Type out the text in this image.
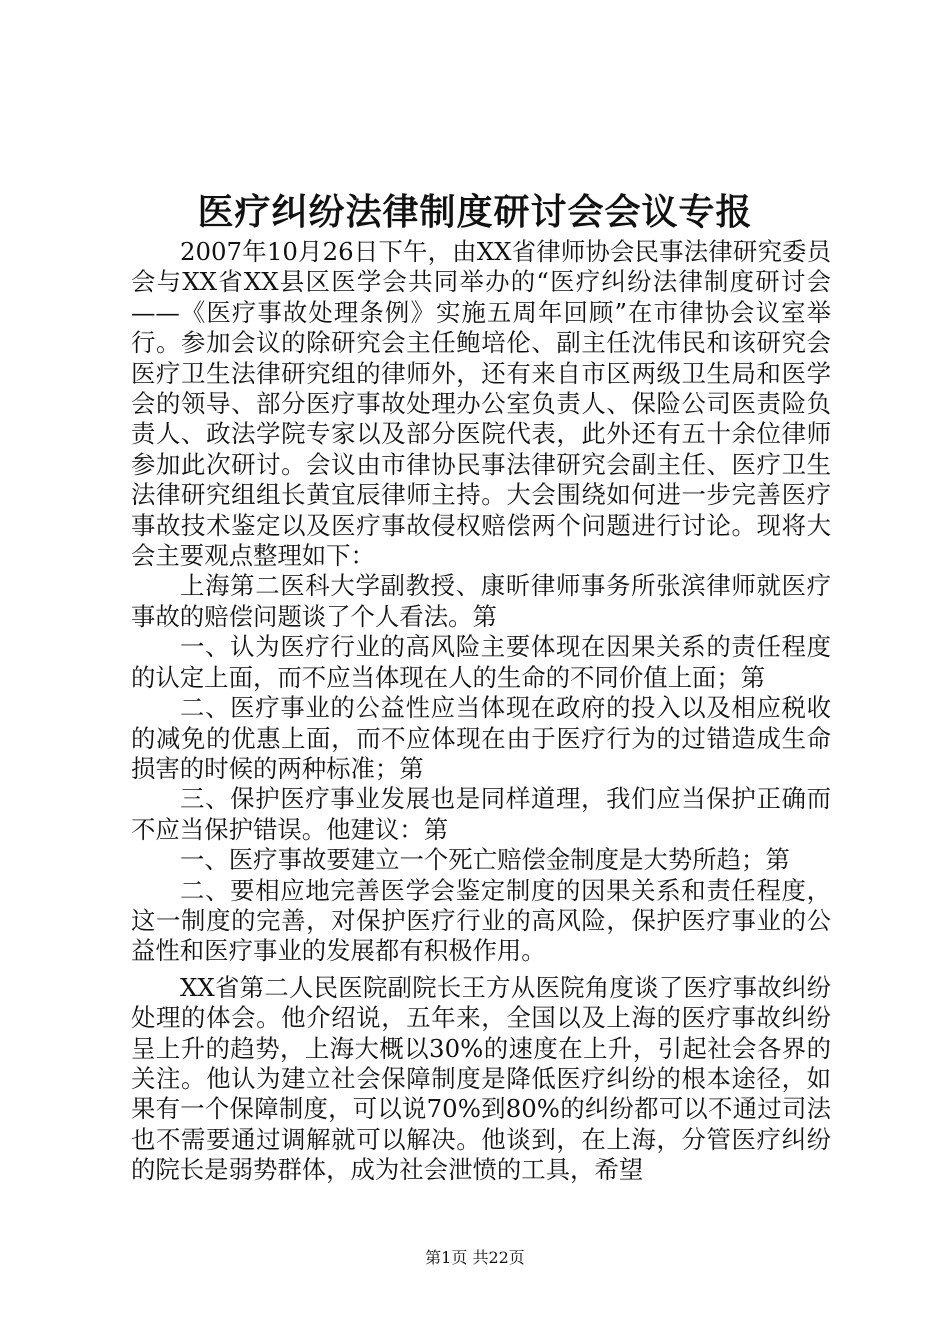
医疗纠纷法律制度研讨会会议专报

2007年10月26日下午，由XX省律师协会民事法律研究委员会与XX省XX县区医学会共同举办的“医疗纠纷法律制度研讨会——《医疗事故处理条例》实施五周年回顾”在市律协会议室举行。参加会议的除研究会主任鲍培伦、副主任沈伟民和该研究会医疗卫生法律研究组的律师外，还有来自市区两级卫生局和医学会的领导、部分医疗事故处理办公室负责人、保险公司医责险负责人、政法学院专家以及部分医院代表，此外还有五十余位律师参加此次研讨。会议由市律协民事法律研究会副主任、医疗卫生法律研究组组长黄宜辰律师主持。大会围绕如何进一步完善医疗事故技术鉴定以及医疗事故侵权赔偿两个问题进行讨论。现将大会主要观点整理如下：

上海第二医科大学副教授、康昕律师事务所张滨律师就医疗事故的赔偿问题谈了个人看法。第

一、认为医疗行业的高风险主要体现在因果关系的责任程度的认定上面，而不应当体现在人的生命的不同价值上面；第

二、医疗事业的公益性应当体现在政府的投入以及相应税收的减免的优惠上面，而不应体现在由于医疗行为的过错造成生命损害的时候的两种标准；第

三、保护医疗事业发展也是同样道理，我们应当保护正确而不应当保护错误。他建议：第

一、医疗事故要建立一个死亡赔偿金制度是大势所趋；第

二、要相应地完善医学会鉴定制度的因果关系和责任程度，这一制度的完善，对保护医疗行业的高风险，保护医疗事业的公益性和医疗事业的发展都有积极作用。

XX省第二人民医院副院长王方从医院角度谈了医疗事故纠纷处理的体会。他介绍说，五年来，全国以及上海的医疗事故纠纷呈上升的趋势，上海大概以30%的速度在上升，引起社会各界的关注。他认为建立社会保障制度是降低医疗纠纷的根本途径，如果有一个保障制度，可以说70%到80%的纠纷都可以不通过司法也不需要通过调解就可以解决。他谈到，在上海，分管医疗纠纷的院长是弱势群体，成为社会泄愤的工具，希望

第1页 共22页
